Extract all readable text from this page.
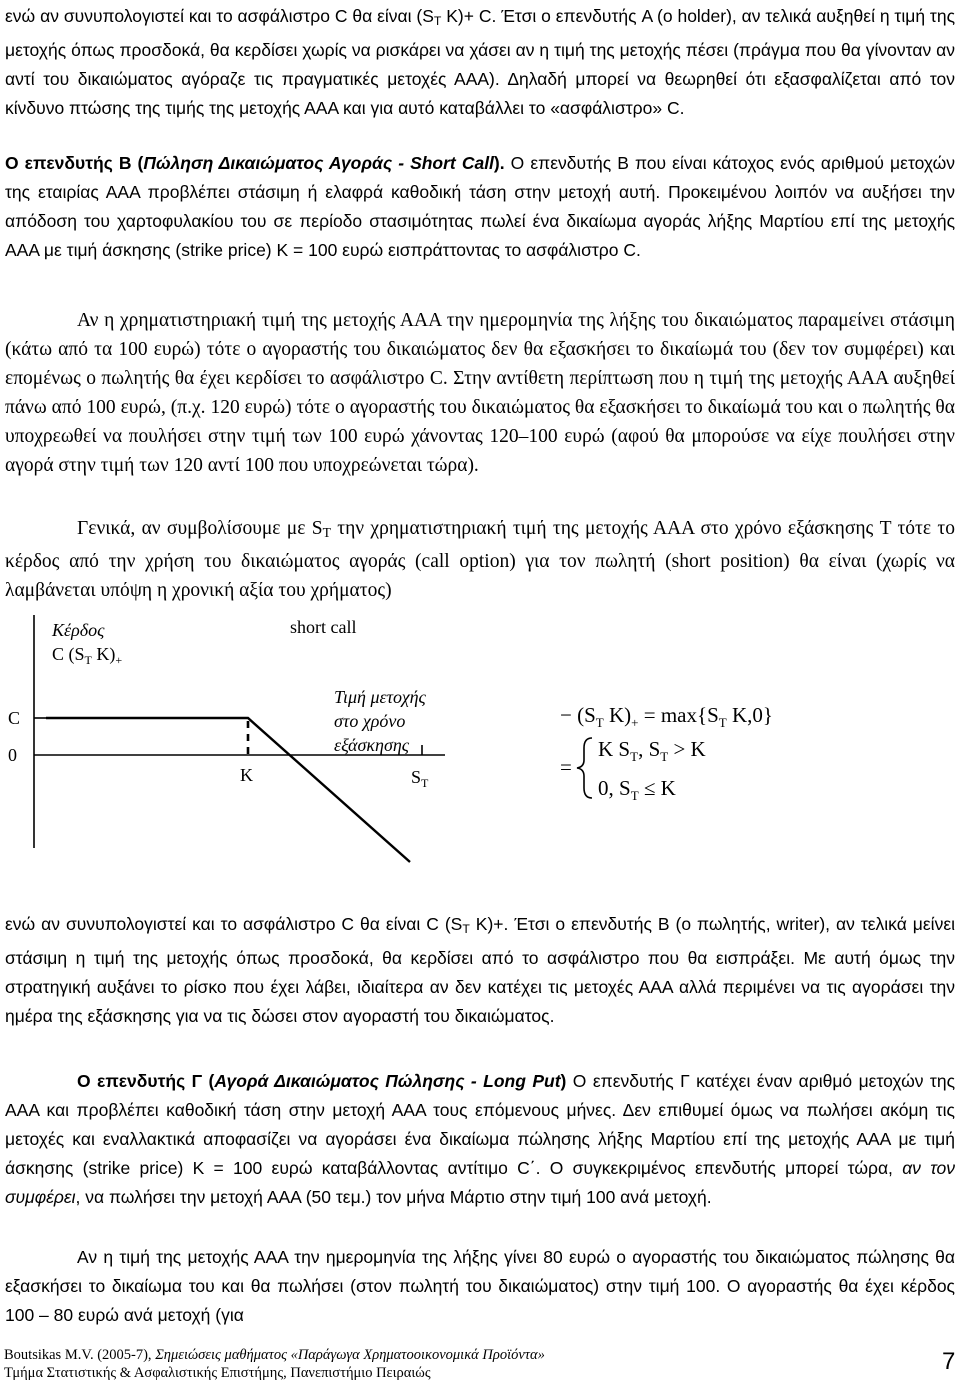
ενώ αν συνυπολογιστεί και το ασφάλιστρο C θα είναι ($S_T$ K)+ C. Έτσι ο επενδυτής A (ο holder), αν τελικά αυξηθεί η τιμή της μετοχής όπως προσδοκά, θα κερδίσει χωρίς να ρισκάρει να χάσει αν η τιμή της μετοχής πέσει (πράγμα που θα γίνονταν αν αντί του δικαιώματος αγόραζε τις πραγματικές μετοχές ΑΑΑ). Δηλαδή μπορεί να θεωρηθεί ότι εξασφαλίζεται από τον κίνδυνο πτώσης της τιμής της μετοχής ΑΑΑ και για αυτό καταβάλλει το «ασφάλιστρο» C.

Ο επενδυτής Β (Πώληση Δικαιώματος Αγοράς - Short Call). Ο επενδυτής Β που είναι κάτοχος ενός αριθμού μετοχών της εταιρίας ΑΑΑ προβλέπει στάσιμη ή ελαφρά καθοδική τάση στην μετοχή αυτή. Προκειμένου λοιπόν να αυξήσει την απόδοση του χαρτοφυλακίου του σε περίοδο στασιμότητας πωλεί ένα δικαίωμα αγοράς λήξης Μαρτίου επί της μετοχής ΑΑΑ με τιμή άσκησης (strike price) K = 100 ευρώ εισπράττοντας το ασφάλιστρο C.

Αν η χρηματιστηριακή τιμή της μετοχής ΑΑΑ την ημερομηνία της λήξης του δικαιώματος παραμείνει στάσιμη (κάτω από τα 100 ευρώ) τότε ο αγοραστής του δικαιώματος δεν θα εξασκήσει το δικαίωμά του (δεν τον συμφέρει) και επομένως ο πωλητής θα έχει κερδίσει το ασφάλιστρο C. Στην αντίθετη περίπτωση που η τιμή της μετοχής ΑΑΑ αυξηθεί πάνω από 100 ευρώ, (π.χ. 120 ευρώ) τότε ο αγοραστής του δικαιώματος θα εξασκήσει το δικαίωμά του και ο πωλητής θα υποχρεωθεί να πουλήσει στην τιμή των 100 ευρώ χάνοντας 120–100 ευρώ (αφού θα μπορούσε να είχε πουλήσει στην αγορά στην τιμή των 120 αντί 100 που υποχρεώνεται τώρα).

Γενικά, αν συμβολίσουμε με $S_T$ την χρηματιστηριακή τιμή της μετοχής ΑΑΑ στο χρόνο εξάσκησης T τότε το κέρδος από την χρήση του δικαιώματος αγοράς (call option) για τον πωλητή (short position) θα είναι (χωρίς να λαμβάνεται υπόψη η χρονική αξία του χρήματος)

Κέρδος
C ($S_T$ $K)_+$
short call
C
0
K
Τιμή μετοχής
στο χρόνο
εξάσκησης
$S_T$
− ($S_T$ $K)_+ = \max\{S_T$ K,0}
=
K $S_T$, $S_T > K$
0, $S_T \le K$

ενώ αν συνυπολογιστεί και το ασφάλιστρο C θα είναι C ($S_T$ K)+. Έτσι ο επενδυτής B (ο πωλητής, writer), αν τελικά μείνει στάσιμη η τιμή της μετοχής όπως προσδοκά, θα κερδίσει από το ασφάλιστρο που θα εισπράξει. Με αυτή όμως την στρατηγική αυξάνει το ρίσκο που έχει λάβει, ιδιαίτερα αν δεν κατέχει τις μετοχές ΑΑΑ αλλά περιμένει να τις αγοράσει την ημέρα της εξάσκησης για να τις δώσει στον αγοραστή του δικαιώματος.

Ο επενδυτής Γ (Αγορά Δικαιώματος Πώλησης - Long Put) Ο επενδυτής Γ κατέχει έναν αριθμό μετοχών της ΑΑΑ και προβλέπει καθοδική τάση στην μετοχή ΑΑΑ τους επόμενους μήνες. Δεν επιθυμεί όμως να πωλήσει ακόμη τις μετοχές και εναλλακτικά αποφασίζει να αγοράσει ένα δικαίωμα πώλησης λήξης Μαρτίου επί της μετοχής ΑΑΑ με τιμή άσκησης (strike price) K = 100 ευρώ καταβάλλοντας αντίτιμο C΄. Ο συγκεκριμένος επενδυτής μπορεί τώρα, αν τον συμφέρει, να πωλήσει την μετοχή ΑΑΑ (50 τεμ.) τον μήνα Μάρτιο στην τιμή 100 ανά μετοχή.

Αν η τιμή της μετοχής ΑΑΑ την ημερομηνία της λήξης γίνει 80 ευρώ ο αγοραστής του δικαιώματος πώλησης θα εξασκήσει το δικαίωμα του και θα πωλήσει (στον πωλητή του δικαιώματος) στην τιμή 100. Ο αγοραστής θα έχει κέρδος 100 – 80 ευρώ ανά μετοχή (για

Boutsikas M.V. (2005-7), Σημειώσεις μαθήματος «Παράγωγα Χρηματοοικονομικά Προϊόντα»
Τμήμα Στατιστικής & Ασφαλιστικής Επιστήμης, Πανεπιστήμιο Πειραιώς	7
